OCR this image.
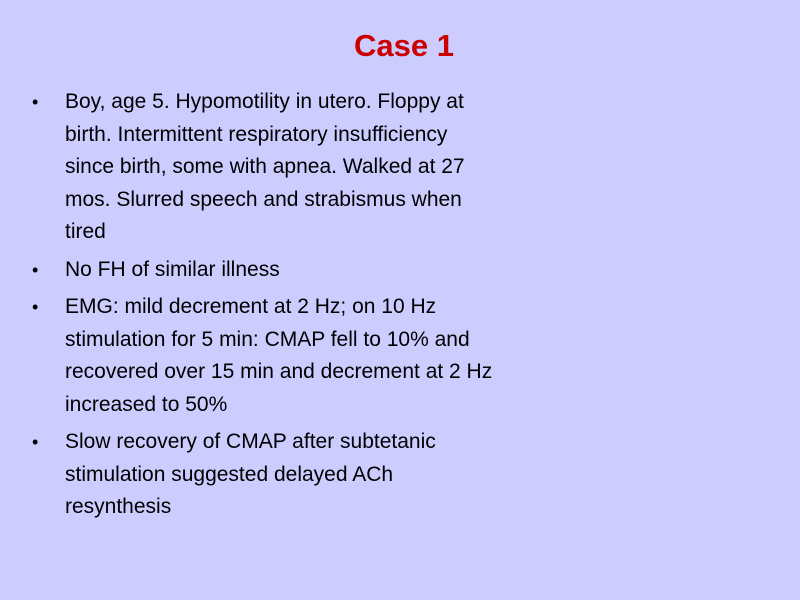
Case 1
• Boy, age 5. Hypomotility in utero. Floppy at birth. Intermittent respiratory insufficiency since birth, some with apnea. Walked at 27 mos. Slurred speech and strabismus when tired
• No FH of similar illness
• EMG: mild decrement at 2 Hz; on 10 Hz stimulation for 5 min: CMAP fell to 10% and recovered over 15 min and decrement at 2 Hz increased to 50%
• Slow recovery of CMAP after subtetanic stimulation suggested delayed ACh resynthesis
